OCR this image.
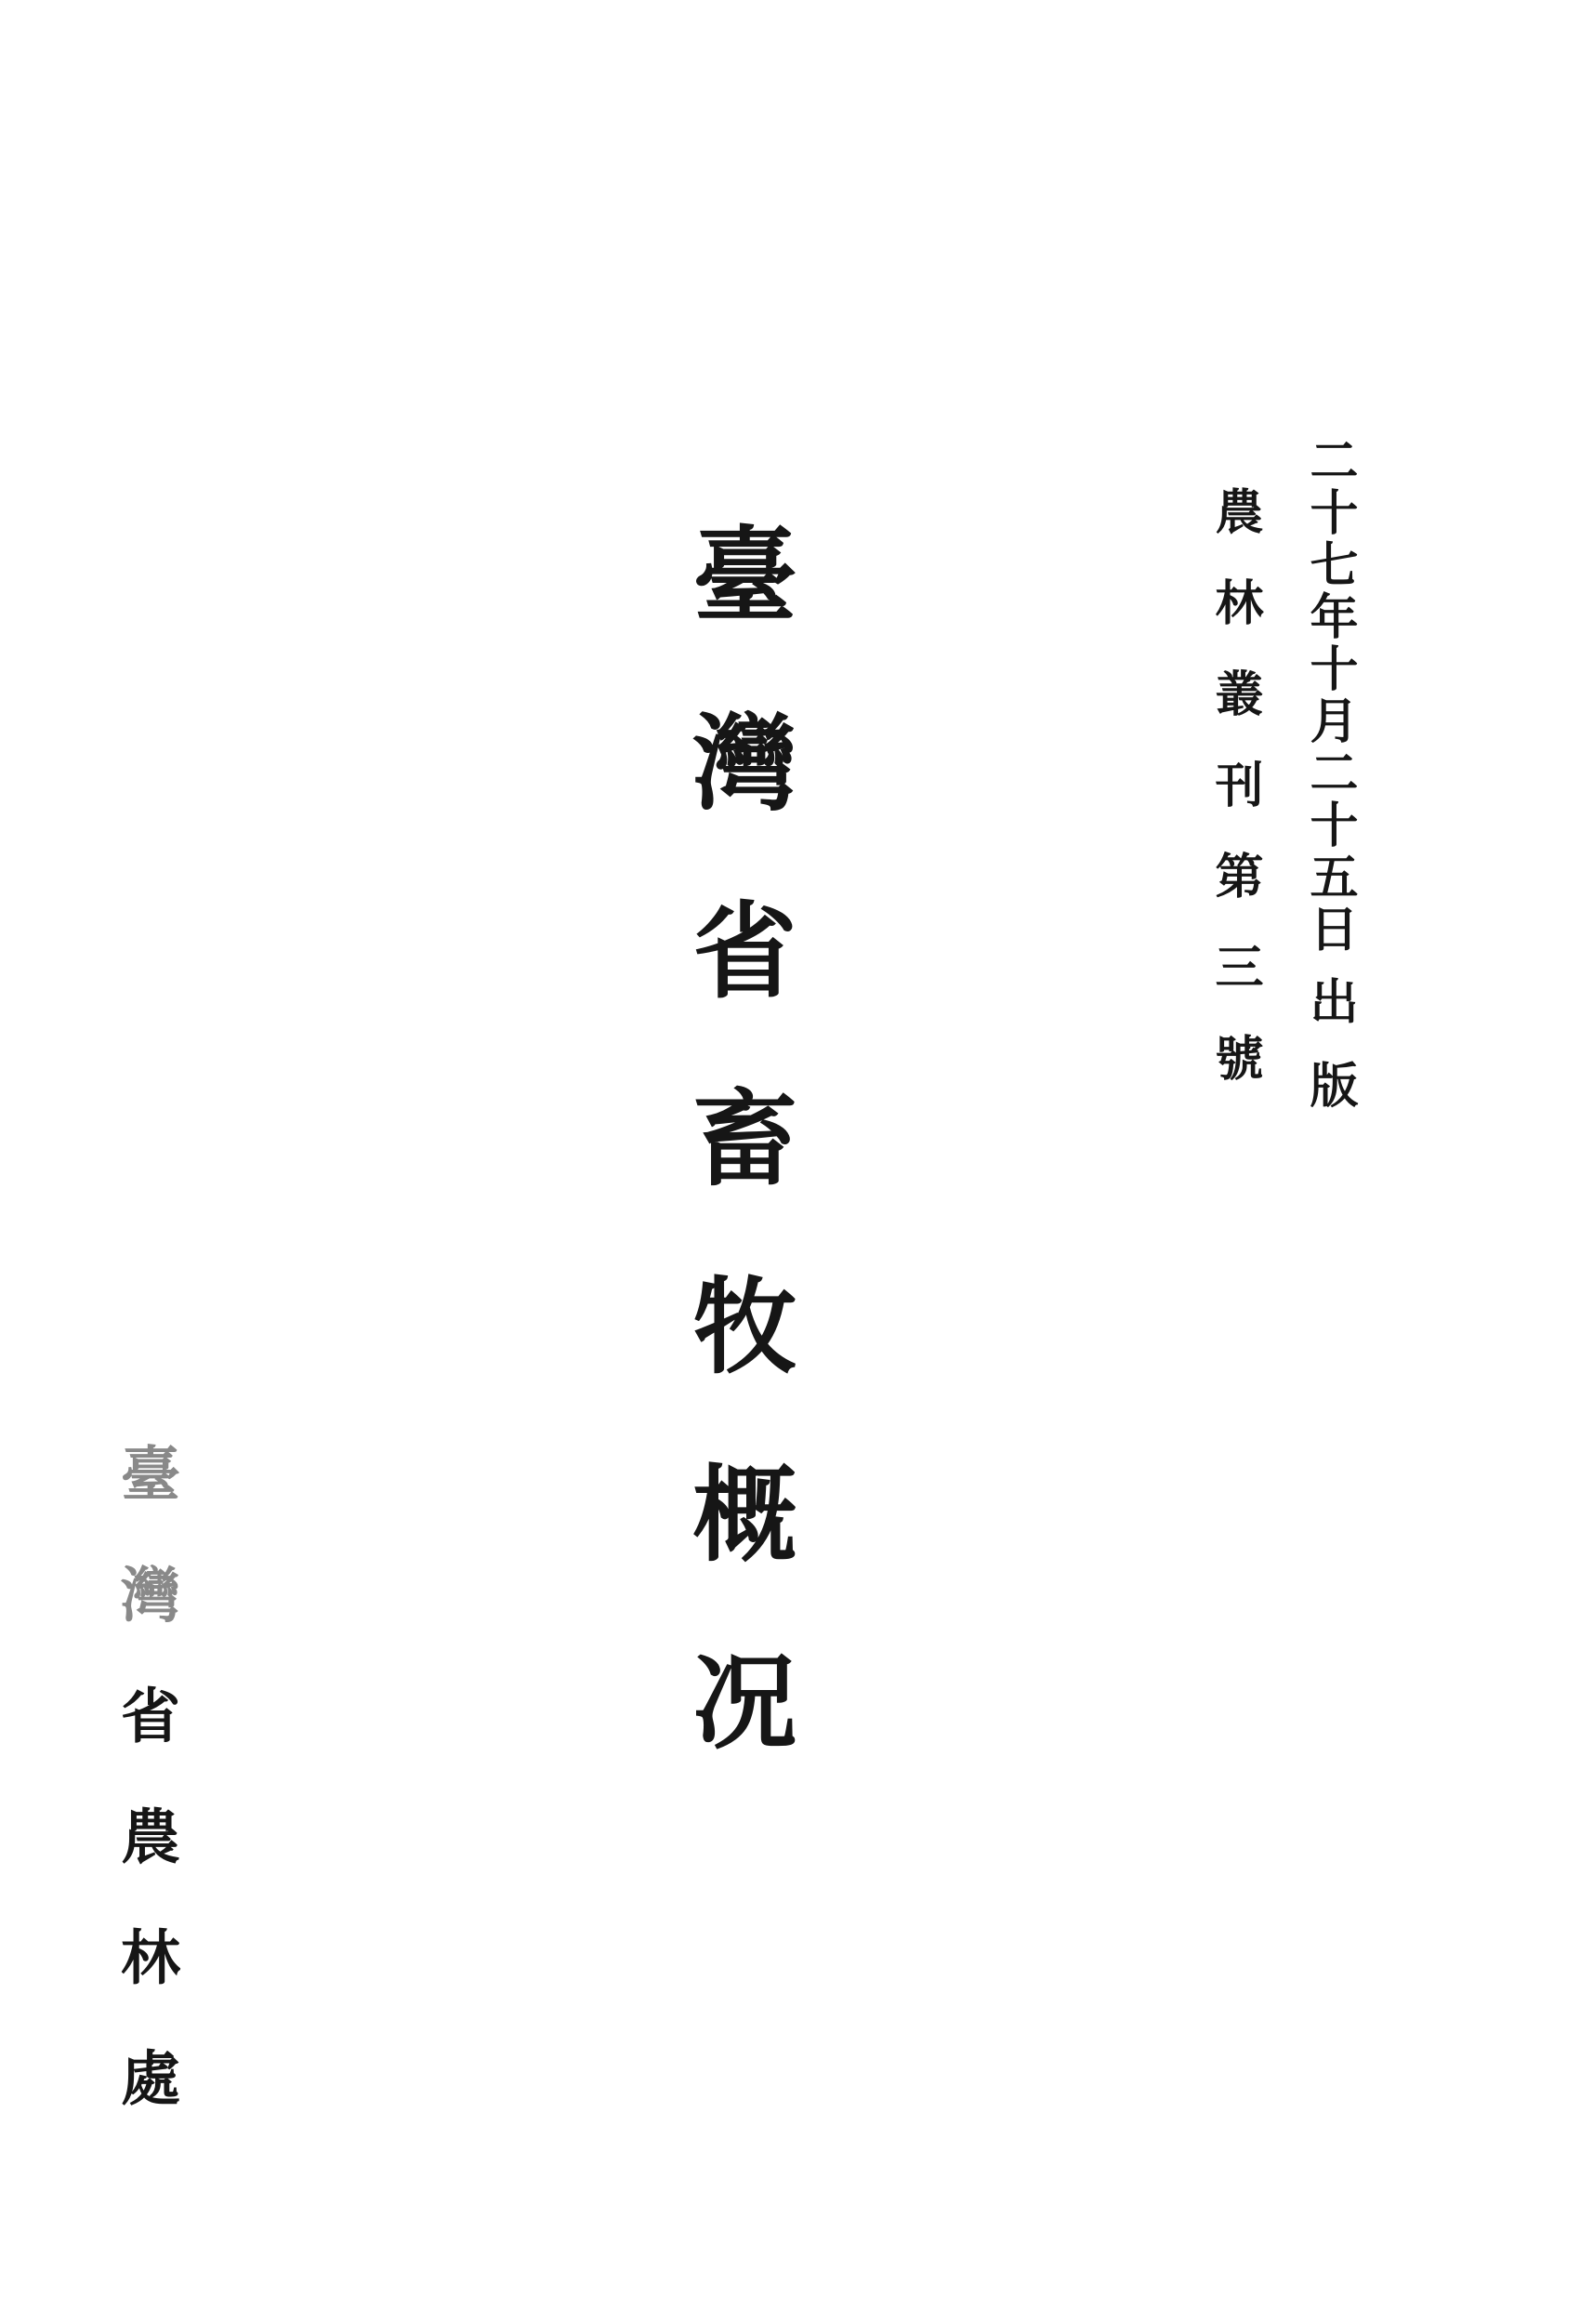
二十七年十月二十五日出版
農林叢刊第三號
臺灣省畜牧概况
臺灣省農林處
